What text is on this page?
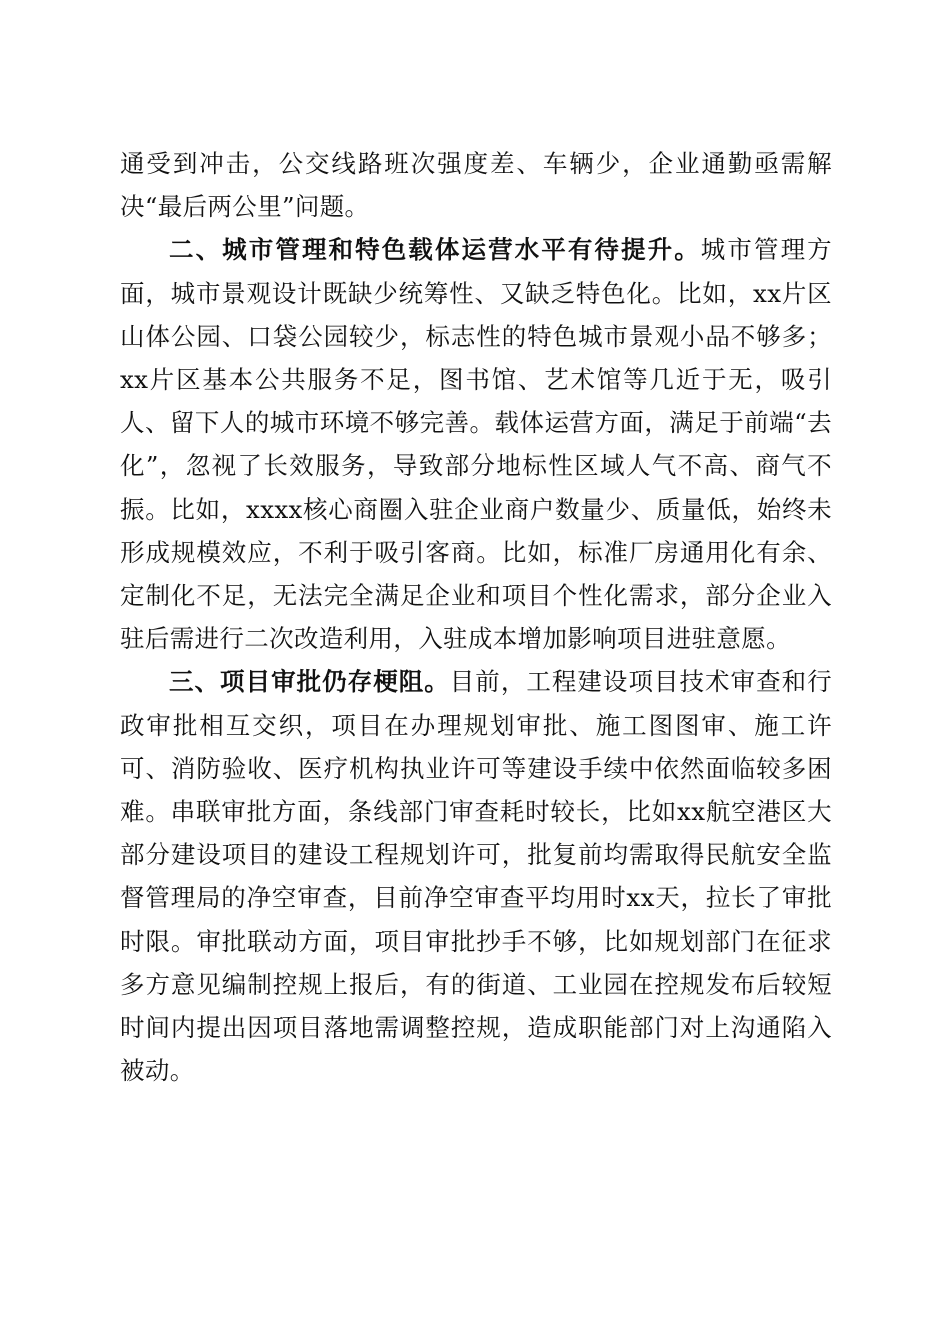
通受到冲击，公交线路班次强度差、车辆少，企业通勤亟需解决“最后两公里”问题。

二、城市管理和特色载体运营水平有待提升。城市管理方面，城市景观设计既缺少统筹性、又缺乏特色化。比如，xx片区山体公园、口袋公园较少，标志性的特色城市景观小品不够多；xx片区基本公共服务不足，图书馆、艺术馆等几近于无，吸引人、留下人的城市环境不够完善。载体运营方面，满足于前端“去化”，忽视了长效服务，导致部分地标性区域人气不高、商气不振。比如，xxxx核心商圈入驻企业商户数量少、质量低，始终未形成规模效应，不利于吸引客商。比如，标准厂房通用化有余、定制化不足，无法完全满足企业和项目个性化需求，部分企业入驻后需进行二次改造利用，入驻成本增加影响项目进驻意愿。

三、项目审批仍存梗阻。目前，工程建设项目技术审查和行政审批相互交织，项目在办理规划审批、施工图图审、施工许可、消防验收、医疗机构执业许可等建设手续中依然面临较多困难。串联审批方面，条线部门审查耗时较长，比如xx航空港区大部分建设项目的建设工程规划许可，批复前均需取得民航安全监督管理局的净空审查，目前净空审查平均用时xx天，拉长了审批时限。审批联动方面，项目审批抄手不够，比如规划部门在征求多方意见编制控规上报后，有的街道、工业园在控规发布后较短时间内提出因项目落地需调整控规，造成职能部门对上沟通陷入被动。
